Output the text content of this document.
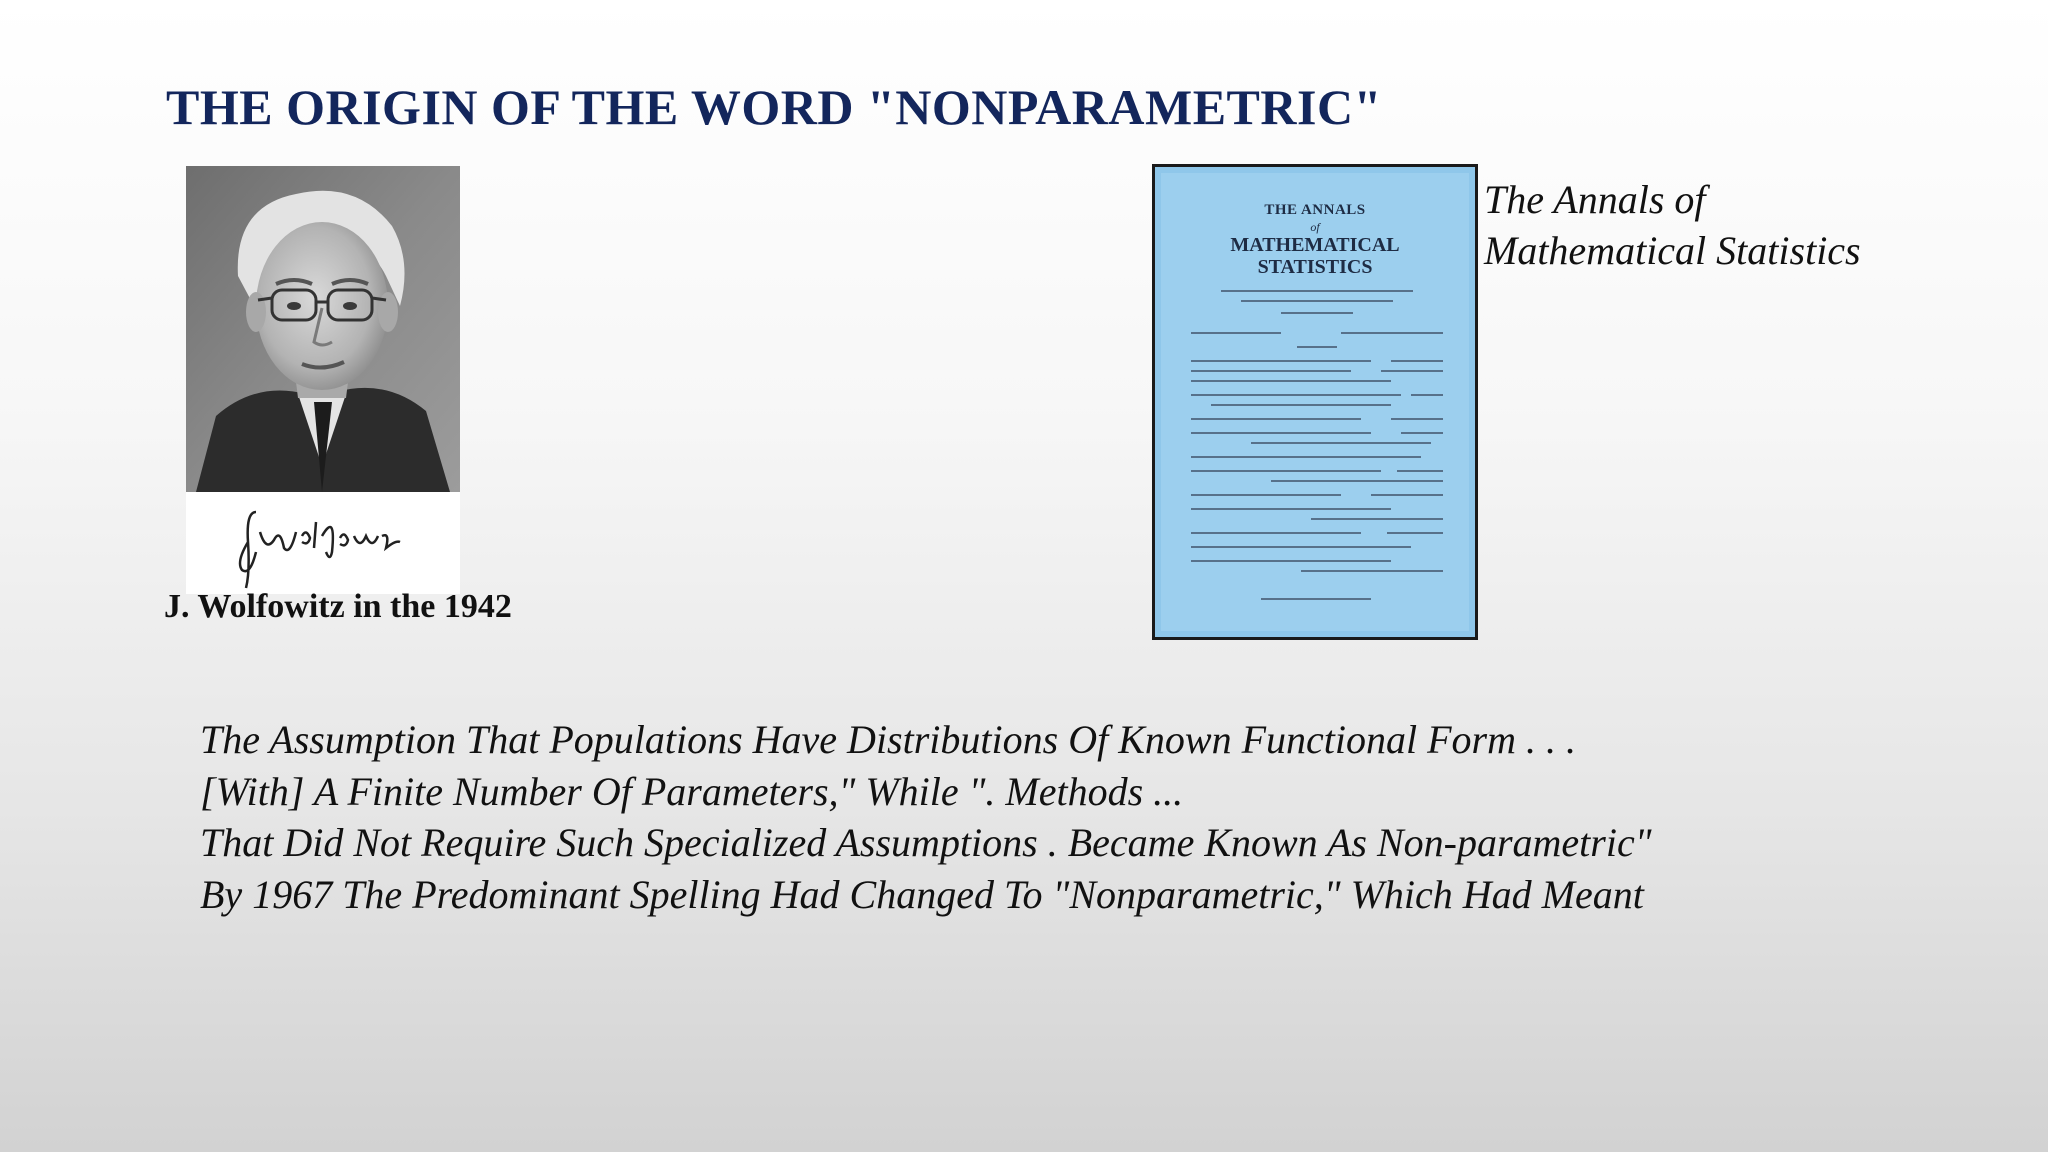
THE ORIGIN OF THE WORD "NONPARAMETRIC"

J. Wolfowitz in the 1942

THE ANNALS
of
MATHEMATICAL
STATISTICS
The Annals of
Mathematical Statistics
The Assumption That Populations Have Distributions Of Known Functional Form . . .
[With] A Finite Number Of Parameters," While ". Methods ...
That Did Not Require Such Specialized Assumptions . Became Known As Non-parametric"
By 1967 The Predominant Spelling Had Changed To "Nonparametric," Which Had Meant
